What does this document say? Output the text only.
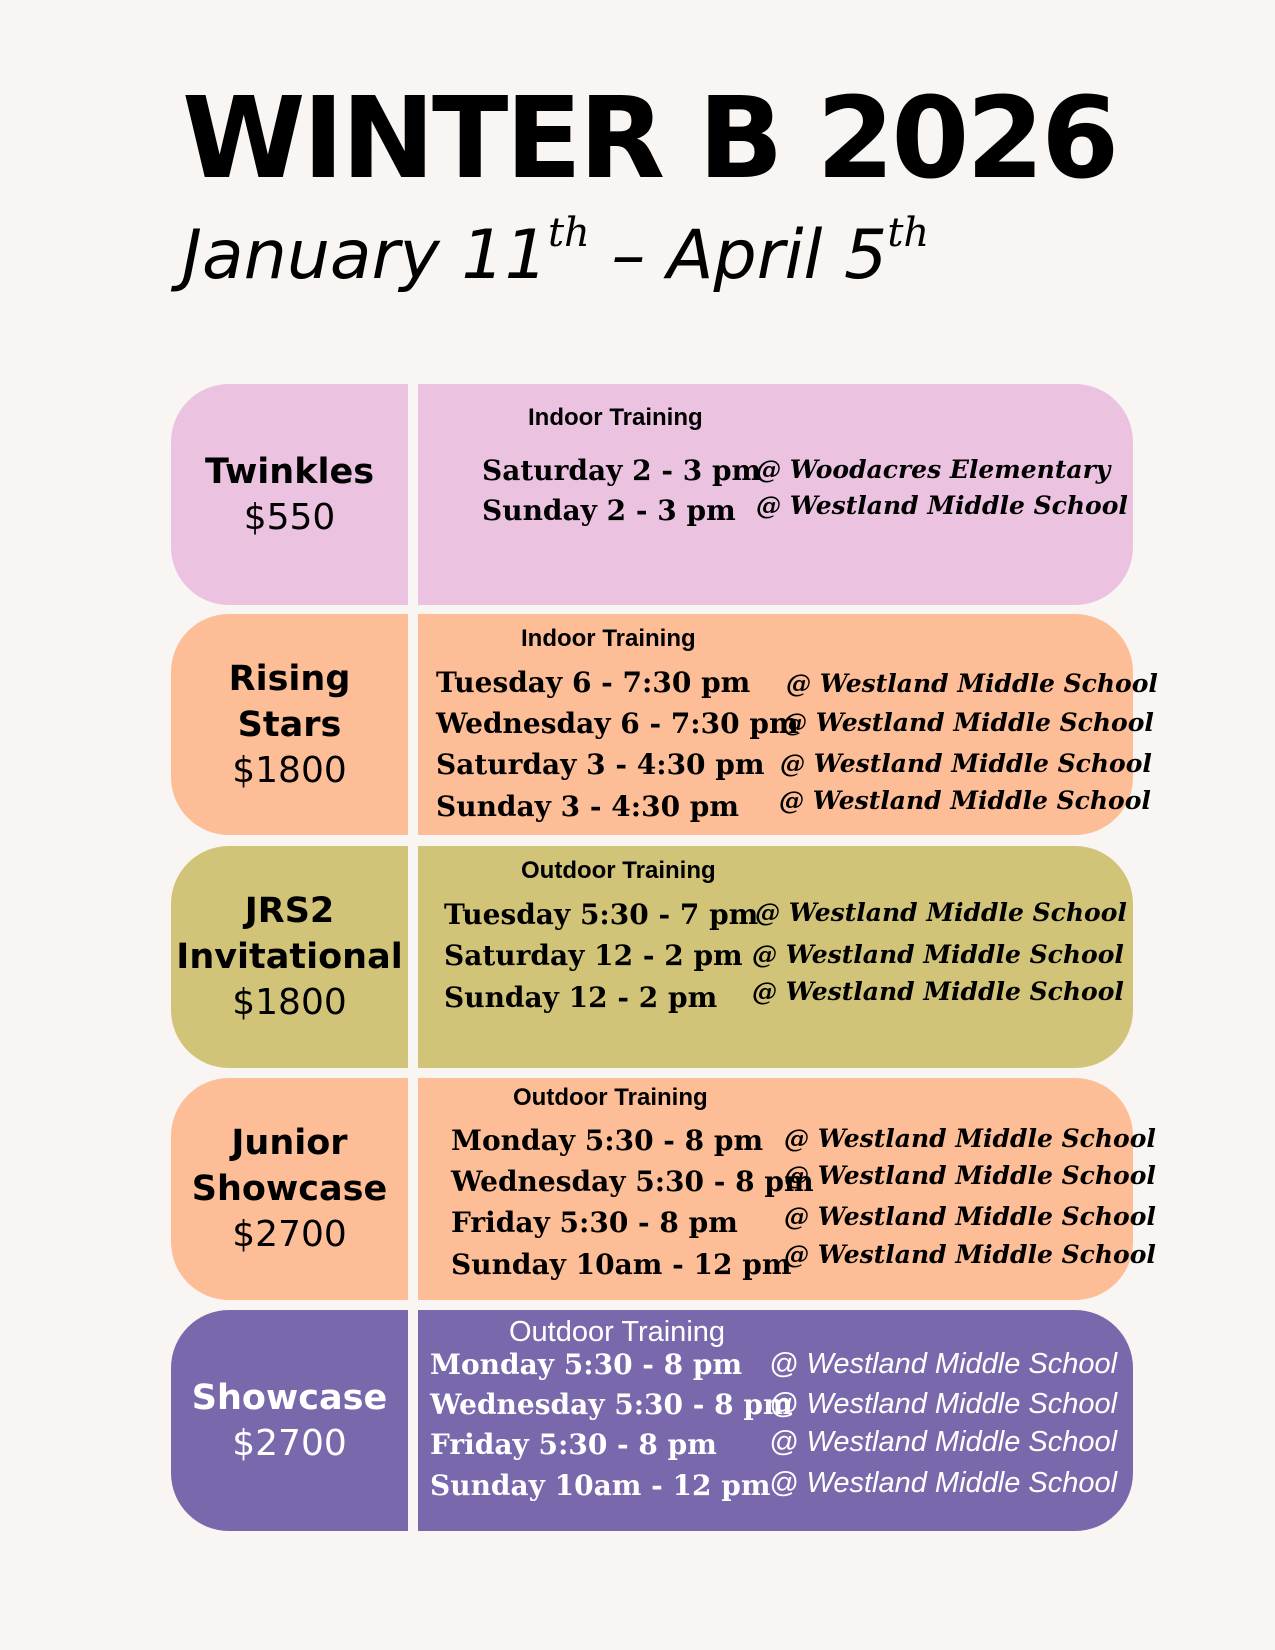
WINTER B 2026
January 11th – April 5th
Twinkles
$550
Indoor Training
Saturday 2 - 3 pm
@ Woodacres Elementary
Sunday 2 - 3 pm @ Westland Middle School
Rising
Stars
$1800
Indoor Training
Tuesday 6 - 7:30 pm @ Westland Middle School
Wednesday 6 - 7:30 pm
@ Westland Middle School
Saturday 3 - 4:30 pm @ Westland Middle School
Sunday 3 - 4:30 pm @ Westland Middle School
JRS2
Invitational
$1800
Outdoor Training
Tuesday 5:30 - 7 pm
@ Westland Middle School
Saturday 12 - 2 pm @ Westland Middle School
Sunday 12 - 2 pm @ Westland Middle School
Junior
Showcase
$2700
Outdoor Training
Monday 5:30 - 8 pm @ Westland Middle School
Wednesday 5:30 - 8 pm
@ Westland Middle School
Friday 5:30 - 8 pm @ Westland Middle School
Sunday 10am - 12 pm
@ Westland Middle School
Showcase
$2700
Outdoor Training
Monday 5:30 - 8 pm @ Westland Middle School
Wednesday 5:30 - 8 pm
@ Westland Middle School
Friday 5:30 - 8 pm @ Westland Middle School
Sunday 10am - 12 pm
@ Westland Middle School
